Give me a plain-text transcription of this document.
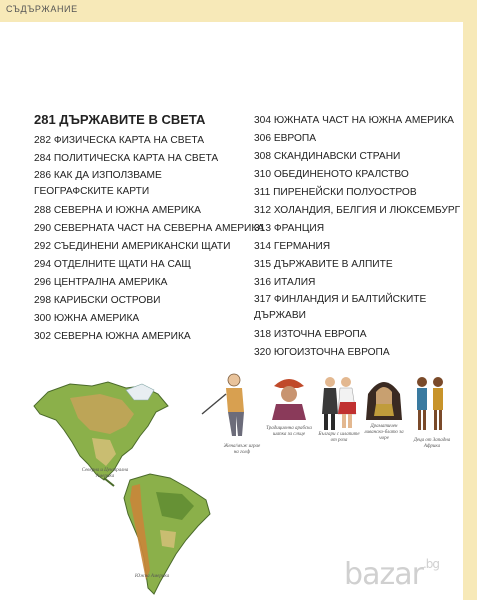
СЪДЪРЖАНИЕ
281 ДЪРЖАВИТЕ В СВЕТА
282 ФИЗИЧЕСКА КАРТА НА СВЕТА
284 ПОЛИТИЧЕСКА КАРТА НА СВЕТА
286 КАК ДА ИЗПОЛЗВАМЕ ГЕОГРАФСКИТЕ КАРТИ
288 СЕВЕРНА И ЮЖНА АМЕРИКА
290 СЕВЕРНАТА ЧАСТ НА СЕВЕРНА АМЕРИКА
292 СЪЕДИНЕНИ АМЕРИКАНСКИ ЩАТИ
294 ОТДЕЛНИТЕ ЩАТИ НА САЩ
296 ЦЕНТРАЛНА АМЕРИКА
298 КАРИБСКИ ОСТРОВИ
300 ЮЖНА АМЕРИКА
302 СЕВЕРНА ЮЖНА АМЕРИКА
304 ЮЖНАТА ЧАСТ НА ЮЖНА АМЕРИКА
306 ЕВРОПА
308 СКАНДИНАВСКИ СТРАНИ
310 ОБЕДИНЕНОТО КРАЛСТВО
311 ПИРЕНЕЙСКИ ПОЛУОСТРОВ
312 ХОЛАНДИЯ, БЕЛГИЯ И ЛЮКСЕМБУРГ
313 ФРАНЦИЯ
314 ГЕРМАНИЯ
315 ДЪРЖАВИТЕ В АЛПИТЕ
316 ИТАЛИЯ
317 ФИНЛАНДИЯ И БАЛТИЙСКИТЕ ДЪРЖАВИ
318 ИЗТОЧНА ЕВРОПА
320 ЮГОИЗТОЧНА ЕВРОПА
Северна и Централна Америка
Жена/мъж играе на голф
Традиционна арабска шапка за слъце	Българи с шлапите от роза
Драматичен ливанско-блато за чоре	Деца от Западна Африка
Южна Америка	bazar$^{.bg}$
